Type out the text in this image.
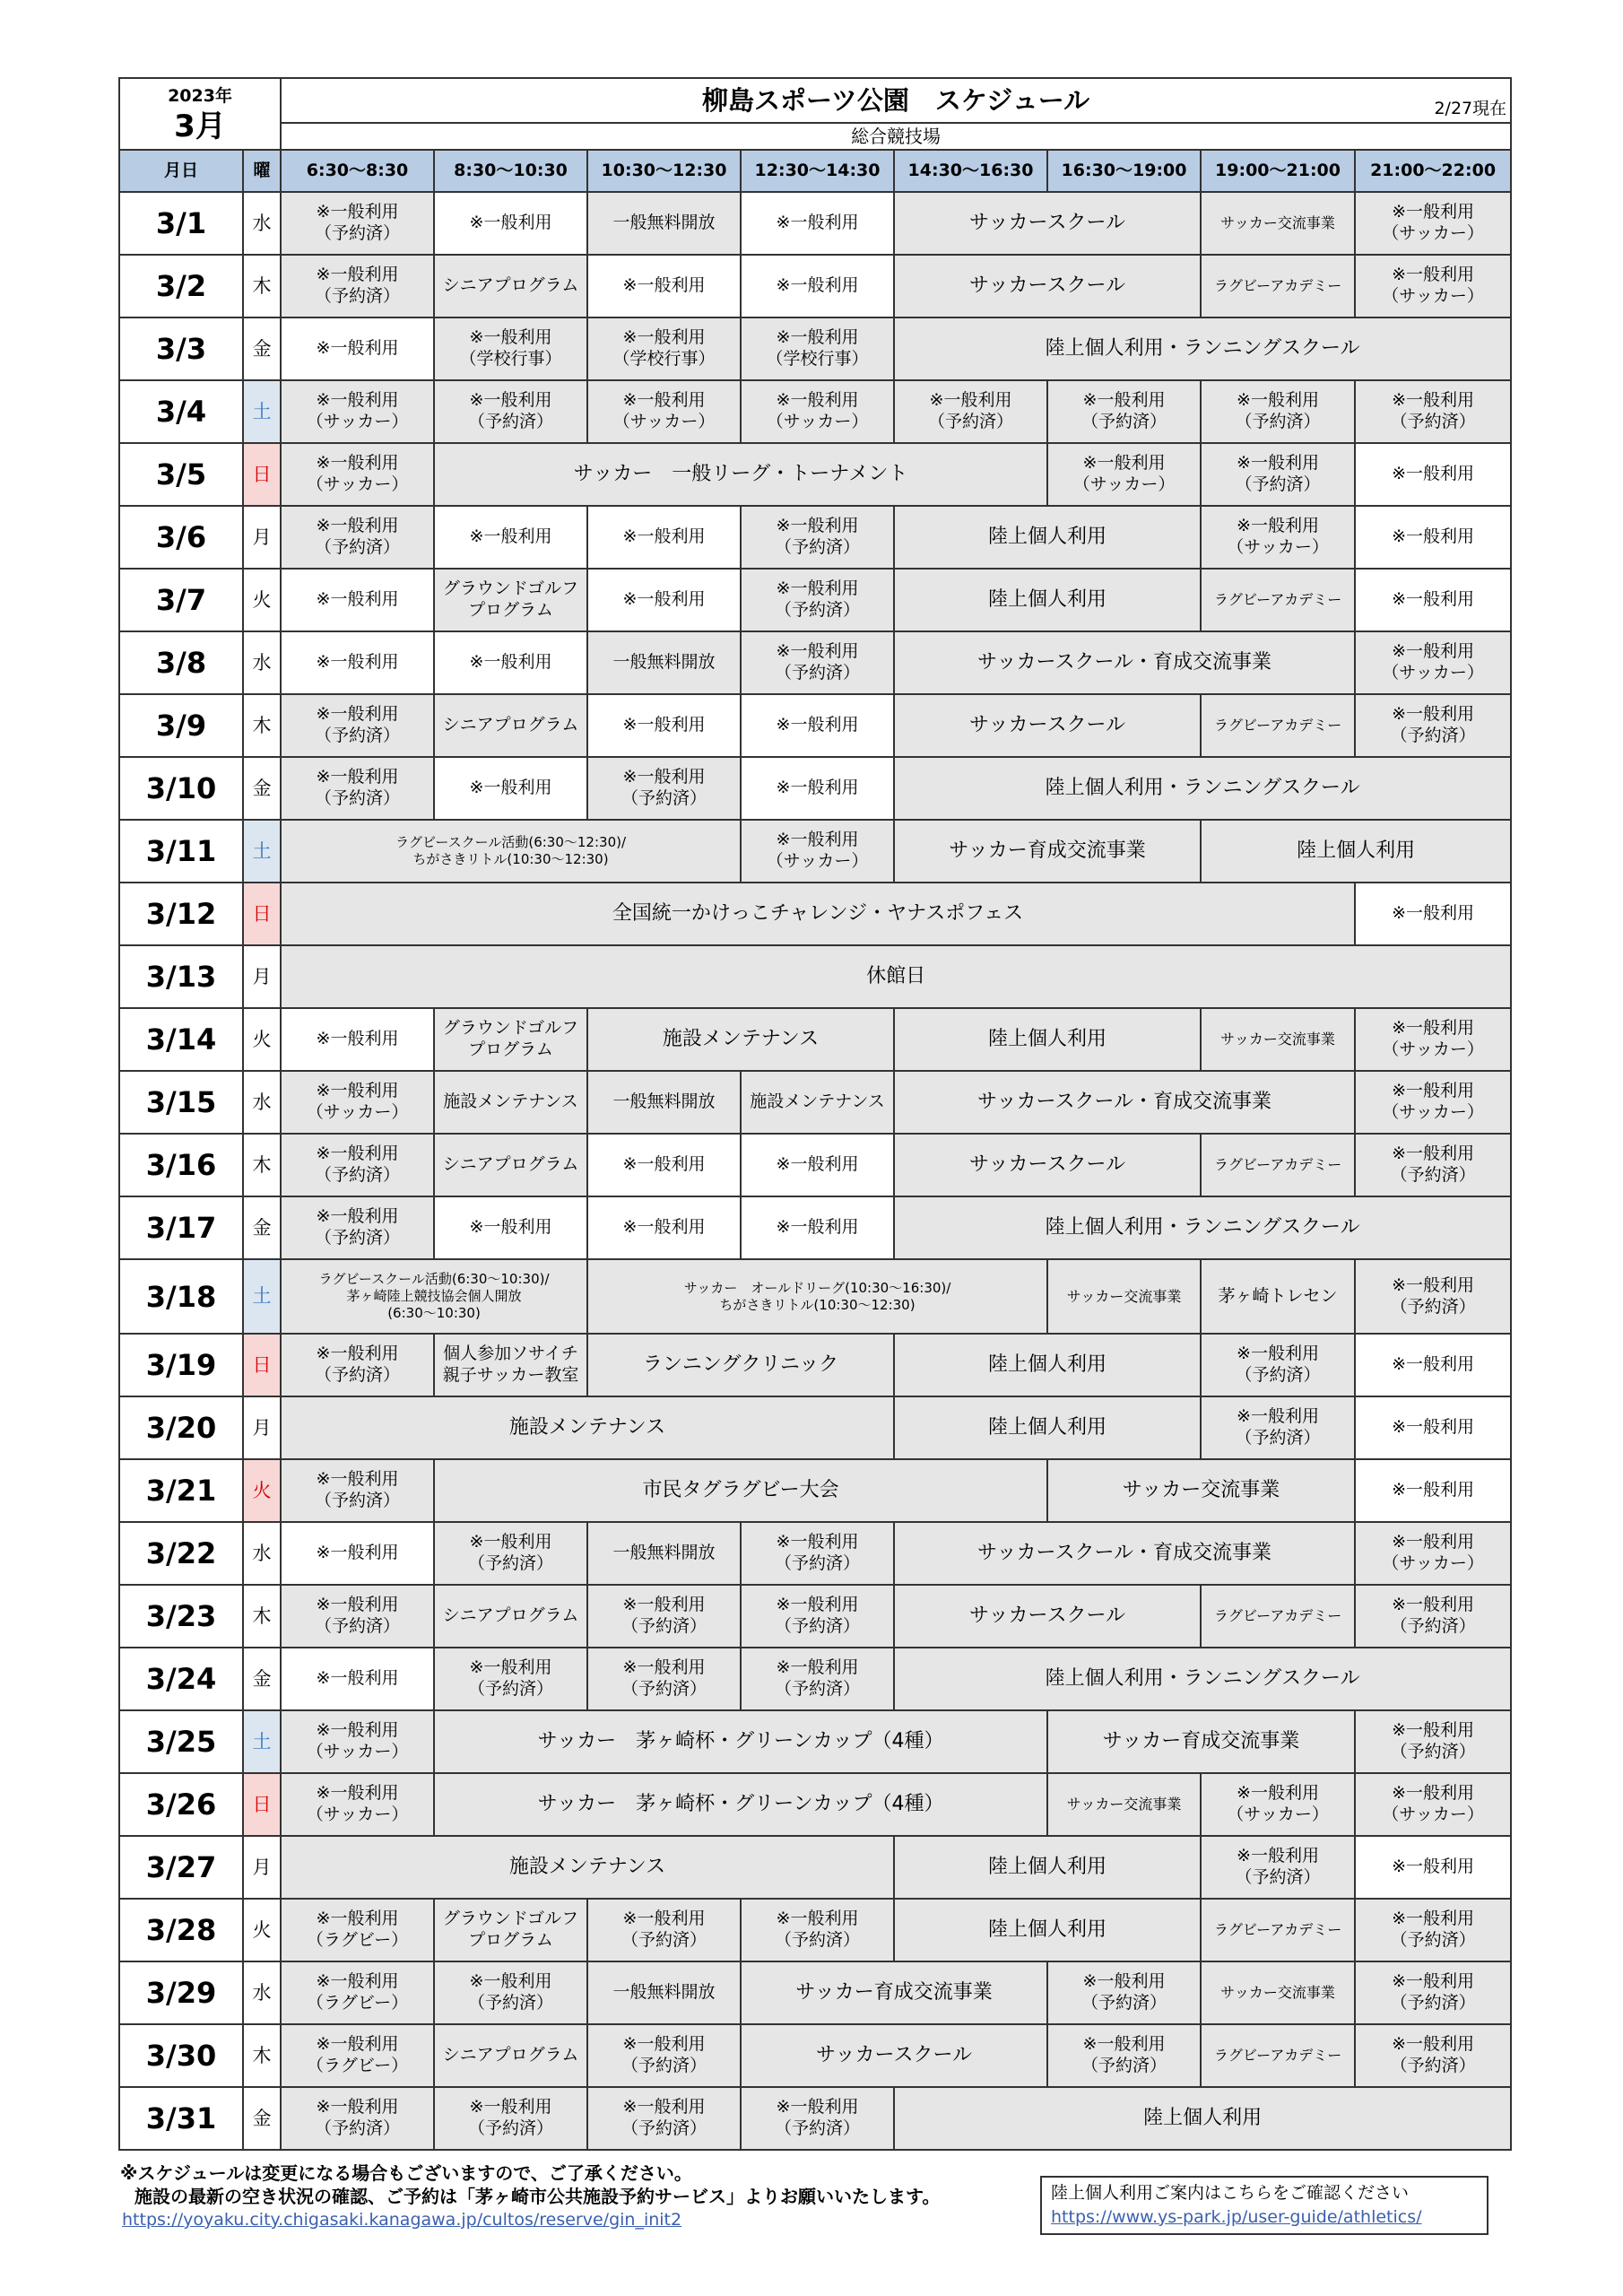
2023年
3月		柳島スポーツ公園　スケジュール 2/27現在							

		総合競技場							
月日	曜	6:30～8:30	8:30～10:30	10:30～12:30	12:30～14:30	14:30～16:30	16:30～19:00	19:00～21:00	21:00～22:00
3/1	水	※一般利用
（予約済）	※一般利用	一般無料開放	※一般利用	サッカースクール		サッカー交流事業	※一般利用
（サッカー）
3/2	木	※一般利用
（予約済）	シニアプログラム	※一般利用	※一般利用	サッカースクール		ラグビーアカデミー	※一般利用
（サッカー）
3/3	金	※一般利用	※一般利用
（学校行事）	※一般利用
（学校行事）	※一般利用
（学校行事）	陸上個人利用・ランニングスクール			
3/4	土	※一般利用
（サッカー）	※一般利用
（予約済）	※一般利用
（サッカー）	※一般利用
（サッカー）	※一般利用
（予約済）	※一般利用
（予約済）	※一般利用
（予約済）	※一般利用
（予約済）
3/5	日	※一般利用
（サッカー）	サッカー　一般リーグ・トーナメント				※一般利用
（サッカー）	※一般利用
（予約済）	※一般利用
3/6	月	※一般利用
（予約済）	※一般利用	※一般利用	※一般利用
（予約済）	陸上個人利用		※一般利用
（サッカー）	※一般利用
3/7	火	※一般利用	グラウンドゴルフ
プログラム	※一般利用	※一般利用
（予約済）	陸上個人利用		ラグビーアカデミー	※一般利用
3/8	水	※一般利用	※一般利用	一般無料開放	※一般利用
（予約済）	サッカースクール・育成交流事業			※一般利用
（サッカー）
3/9	木	※一般利用
（予約済）	シニアプログラム	※一般利用	※一般利用	サッカースクール		ラグビーアカデミー	※一般利用
（予約済）
3/10	金	※一般利用
（予約済）	※一般利用	※一般利用
（予約済）	※一般利用	陸上個人利用・ランニングスクール			
3/11	土	ラグビースクール活動(6:30～12:30)/
ちがさきリトル(10:30～12:30)			※一般利用
（サッカー）	サッカー育成交流事業		陸上個人利用	
3/12	日	全国統一かけっこチャレンジ・ヤナスポフェス							※一般利用
3/13	月	休館日							
3/14	火	※一般利用	グラウンドゴルフ
プログラム	施設メンテナンス		陸上個人利用		サッカー交流事業	※一般利用
（サッカー）
3/15	水	※一般利用
（サッカー）	施設メンテナンス	一般無料開放	施設メンテナンス	サッカースクール・育成交流事業			※一般利用
（サッカー）
3/16	木	※一般利用
（予約済）	シニアプログラム	※一般利用	※一般利用	サッカースクール		ラグビーアカデミー	※一般利用
（予約済）
3/17	金	※一般利用
（予約済）	※一般利用	※一般利用	※一般利用	陸上個人利用・ランニングスクール			
3/18	土	ラグビースクール活動(6:30～10:30)/
茅ヶ崎陸上競技協会個人開放
(6:30～10:30)		サッカー　オールドリーグ(10:30～16:30)/
ちがさきリトル(10:30～12:30)			サッカー交流事業	茅ヶ崎トレセン	※一般利用
（予約済）
3/19	日	※一般利用
（予約済）	個人参加ソサイチ
親子サッカー教室	ランニングクリニック		陸上個人利用		※一般利用
（予約済）	※一般利用
3/20	月	施設メンテナンス				陸上個人利用		※一般利用
（予約済）	※一般利用
3/21	火	※一般利用
（予約済）	市民タグラグビー大会				サッカー交流事業		※一般利用
3/22	水	※一般利用	※一般利用
（予約済）	一般無料開放	※一般利用
（予約済）	サッカースクール・育成交流事業			※一般利用
（サッカー）
3/23	木	※一般利用
（予約済）	シニアプログラム	※一般利用
（予約済）	※一般利用
（予約済）	サッカースクール		ラグビーアカデミー	※一般利用
（予約済）
3/24	金	※一般利用	※一般利用
（予約済）	※一般利用
（予約済）	※一般利用
（予約済）	陸上個人利用・ランニングスクール			
3/25	土	※一般利用
（サッカー）	サッカー　茅ヶ崎杯・グリーンカップ（4種）				サッカー育成交流事業		※一般利用
（予約済）
3/26	日	※一般利用
（サッカー）	サッカー　茅ヶ崎杯・グリーンカップ（4種）				サッカー交流事業	※一般利用
（サッカー）	※一般利用
（サッカー）
3/27	月	施設メンテナンス				陸上個人利用		※一般利用
（予約済）	※一般利用
3/28	火	※一般利用
（ラグビー）	グラウンドゴルフ
プログラム	※一般利用
（予約済）	※一般利用
（予約済）	陸上個人利用		ラグビーアカデミー	※一般利用
（予約済）
3/29	水	※一般利用
（ラグビー）	※一般利用
（予約済）	一般無料開放	サッカー育成交流事業		※一般利用
（予約済）	サッカー交流事業	※一般利用
（予約済）
3/30	木	※一般利用
（ラグビー）	シニアプログラム	※一般利用
（予約済）	サッカースクール		※一般利用
（予約済）	ラグビーアカデミー	※一般利用
（予約済）
3/31	金	※一般利用
（予約済）	※一般利用
（予約済）	※一般利用
（予約済）	※一般利用
（予約済）	陸上個人利用			
※スケジュールは変更になる場合もございますので、ご了承ください。
施設の最新の空き状況の確認、ご予約は「茅ヶ崎市公共施設予約サービス」よりお願いいたします。
https://yoyaku.city.chigasaki.kanagawa.jp/cultos/reserve/gin_init2
陸上個人利用ご案内はこちらをご確認ください
https://www.ys-park.jp/user-guide/athletics/
